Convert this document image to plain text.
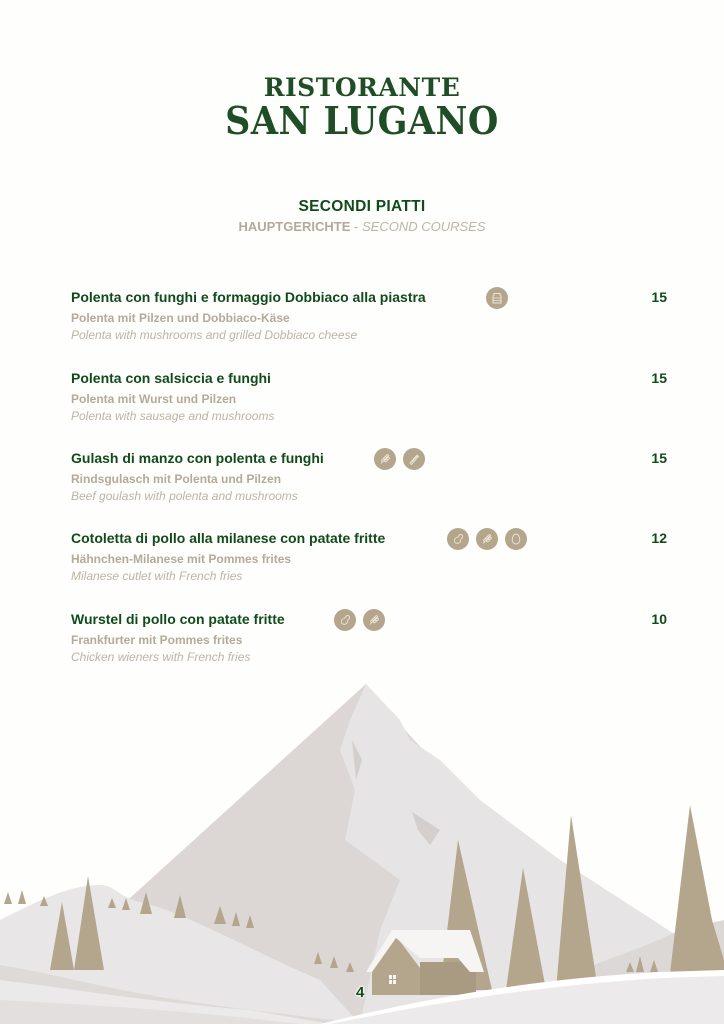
RISTORANTE
SAN LUGANO
SECONDI PIATTI
HAUPTGERICHTE - SECOND COURSES
Polenta con funghi e formaggio Dobbiaco alla piastra
Polenta mit Pilzen und Dobbiaco-Käse
Polenta with mushrooms and grilled Dobbiaco cheese
15
Polenta con salsiccia e funghi
Polenta mit Wurst und Pilzen
Polenta with sausage and mushrooms
15
Gulash di manzo con polenta e funghi
Rindsgulasch mit Polenta und Pilzen
Beef goulash with polenta and mushrooms
15
Cotoletta di pollo alla milanese con patate fritte
Hähnchen-Milanese mit Pommes frites
Milanese cutlet with French fries
12
Wurstel di pollo con patate fritte
Frankfurter mit Pommes frites
Chicken wieners with French fries
10
4
